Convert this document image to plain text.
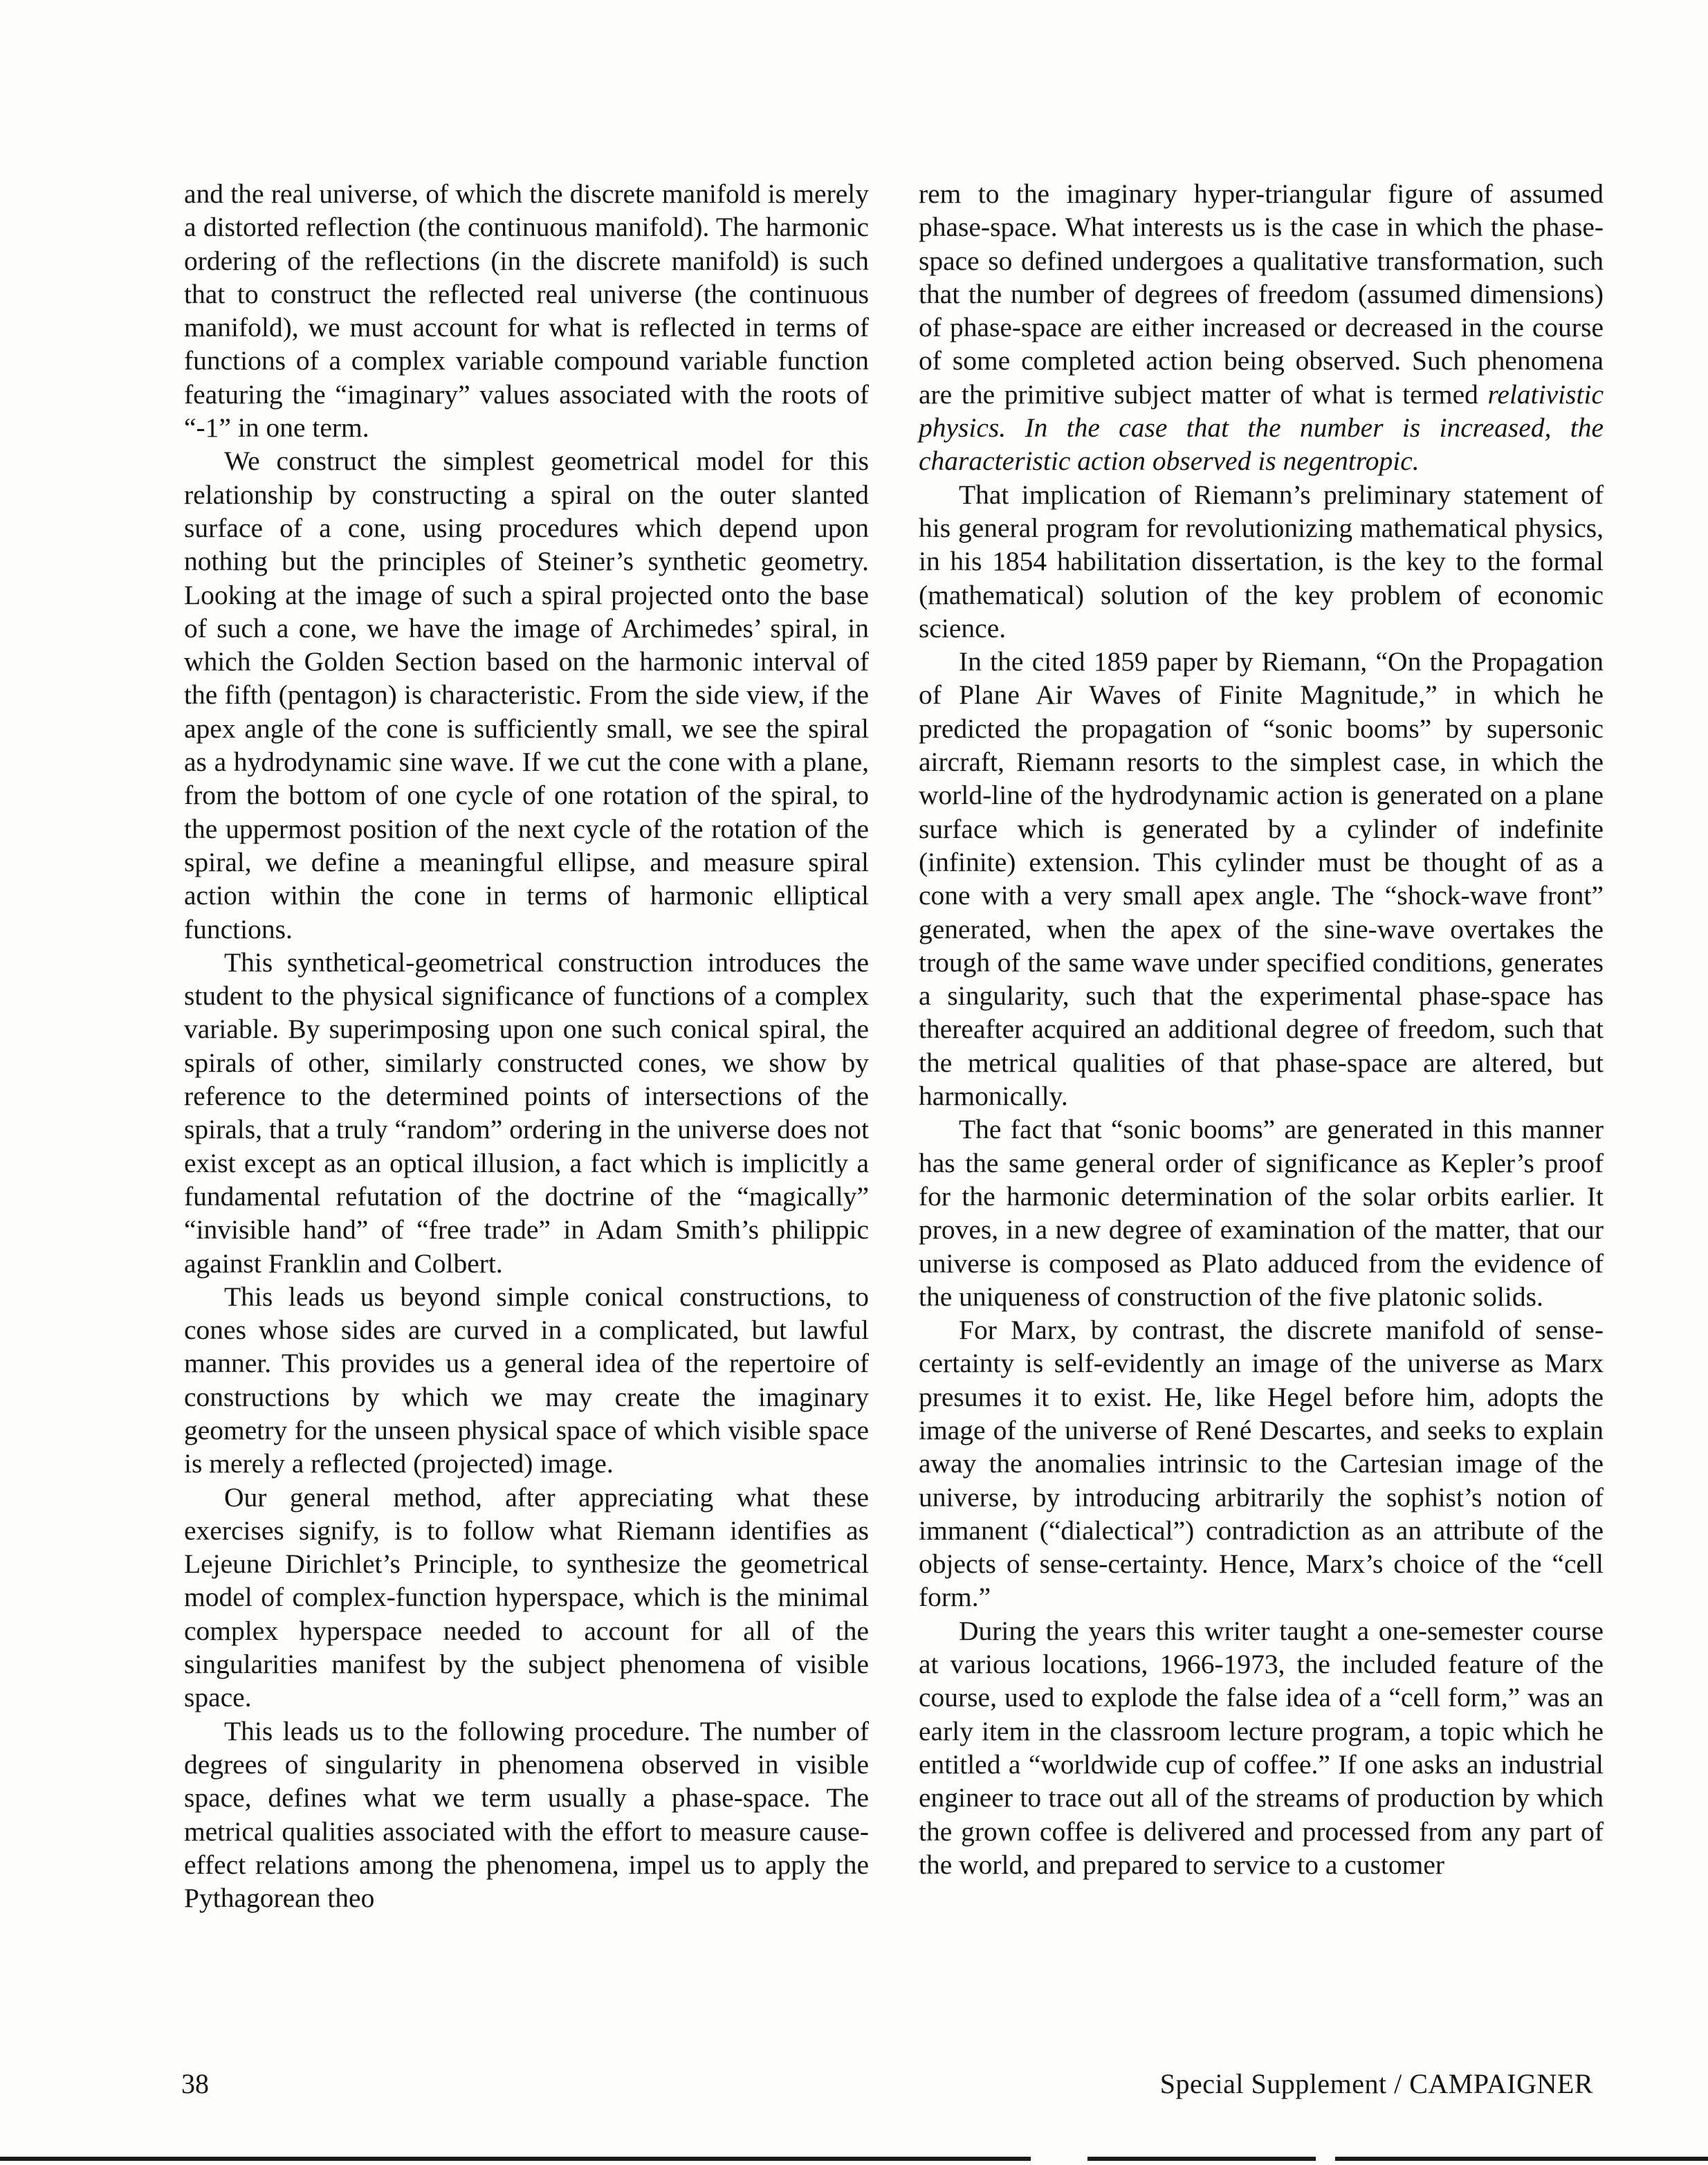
and the real universe, of which the discrete manifold is merely a distorted reflection (the continuous manifold). The harmonic ordering of the reflections (in the discrete manifold) is such that to construct the reflected real universe (the continuous manifold), we must account for what is reflected in terms of functions of a complex variable compound variable function featuring the “imaginary” values associated with the roots of “-1” in one term.

We construct the simplest geometrical model for this relationship by constructing a spiral on the outer slanted surface of a cone, using procedures which depend upon nothing but the principles of Steiner’s synthetic geometry. Looking at the image of such a spiral projected onto the base of such a cone, we have the image of Archimedes’ spiral, in which the Golden Section based on the harmonic interval of the fifth (pentagon) is characteristic. From the side view, if the apex angle of the cone is sufficiently small, we see the spiral as a hydrodynamic sine wave. If we cut the cone with a plane, from the bottom of one cycle of one rotation of the spiral, to the uppermost position of the next cycle of the rotation of the spiral, we define a meaningful ellipse, and measure spiral action within the cone in terms of harmonic elliptical functions.

This synthetical-geometrical construction introduces the student to the physical significance of functions of a complex variable. By superimposing upon one such conical spiral, the spirals of other, similarly constructed cones, we show by reference to the determined points of intersections of the spirals, that a truly “random” ordering in the universe does not exist except as an optical illusion, a fact which is implicitly a fundamental refutation of the doctrine of the “magically” “invisible hand” of “free trade” in Adam Smith’s philippic against Franklin and Colbert.

This leads us beyond simple conical constructions, to cones whose sides are curved in a complicated, but lawful manner. This provides us a general idea of the repertoire of constructions by which we may create the imaginary geometry for the unseen physical space of which visible space is merely a reflected (projected) image.

Our general method, after appreciating what these exercises signify, is to follow what Riemann identifies as Lejeune Dirichlet’s Principle, to synthesize the geometrical model of complex-function hyperspace, which is the minimal complex hyperspace needed to account for all of the singularities manifest by the subject phenomena of visible space.

This leads us to the following procedure. The number of degrees of singularity in phenomena observed in visible space, defines what we term usually a phase-space. The metrical qualities associated with the effort to measure cause-effect relations among the phenomena, impel us to apply the Pythagorean theo

rem to the imaginary hyper-triangular figure of assumed phase-space. What interests us is the case in which the phase-space so defined undergoes a qualitative transformation, such that the number of degrees of freedom (assumed dimensions) of phase-space are either increased or decreased in the course of some completed action being observed. Such phenomena are the primitive subject matter of what is termed relativistic physics. In the case that the number is increased, the characteristic action observed is negentropic.

That implication of Riemann’s preliminary statement of his general program for revolutionizing mathematical physics, in his 1854 habilitation dissertation, is the key to the formal (mathematical) solution of the key problem of economic science.

In the cited 1859 paper by Riemann, “On the Propagation of Plane Air Waves of Finite Magnitude,” in which he predicted the propagation of “sonic booms” by supersonic aircraft, Riemann resorts to the simplest case, in which the world-line of the hydrodynamic action is generated on a plane surface which is generated by a cylinder of indefinite (infinite) extension. This cylinder must be thought of as a cone with a very small apex angle. The “shock-wave front” generated, when the apex of the sine-wave overtakes the trough of the same wave under specified conditions, generates a singularity, such that the experimental phase-space has thereafter acquired an additional degree of freedom, such that the metrical qualities of that phase-space are altered, but harmonically.

The fact that “sonic booms” are generated in this manner has the same general order of significance as Kepler’s proof for the harmonic determination of the solar orbits earlier. It proves, in a new degree of examination of the matter, that our universe is composed as Plato adduced from the evidence of the uniqueness of construction of the five platonic solids.

For Marx, by contrast, the discrete manifold of sense-certainty is self-evidently an image of the universe as Marx presumes it to exist. He, like Hegel before him, adopts the image of the universe of René Descartes, and seeks to explain away the anomalies intrinsic to the Cartesian image of the universe, by introducing arbitrarily the sophist’s notion of immanent (“dialectical”) contradiction as an attribute of the objects of sense-certainty. Hence, Marx’s choice of the “cell form.”

During the years this writer taught a one-semester course at various locations, 1966-1973, the included feature of the course, used to explode the false idea of a “cell form,” was an early item in the classroom lecture program, a topic which he entitled a “worldwide cup of coffee.” If one asks an industrial engineer to trace out all of the streams of production by which the grown coffee is delivered and processed from any part of the world, and prepared to service to a customer

38	Special Supplement / CAMPAIGNER
